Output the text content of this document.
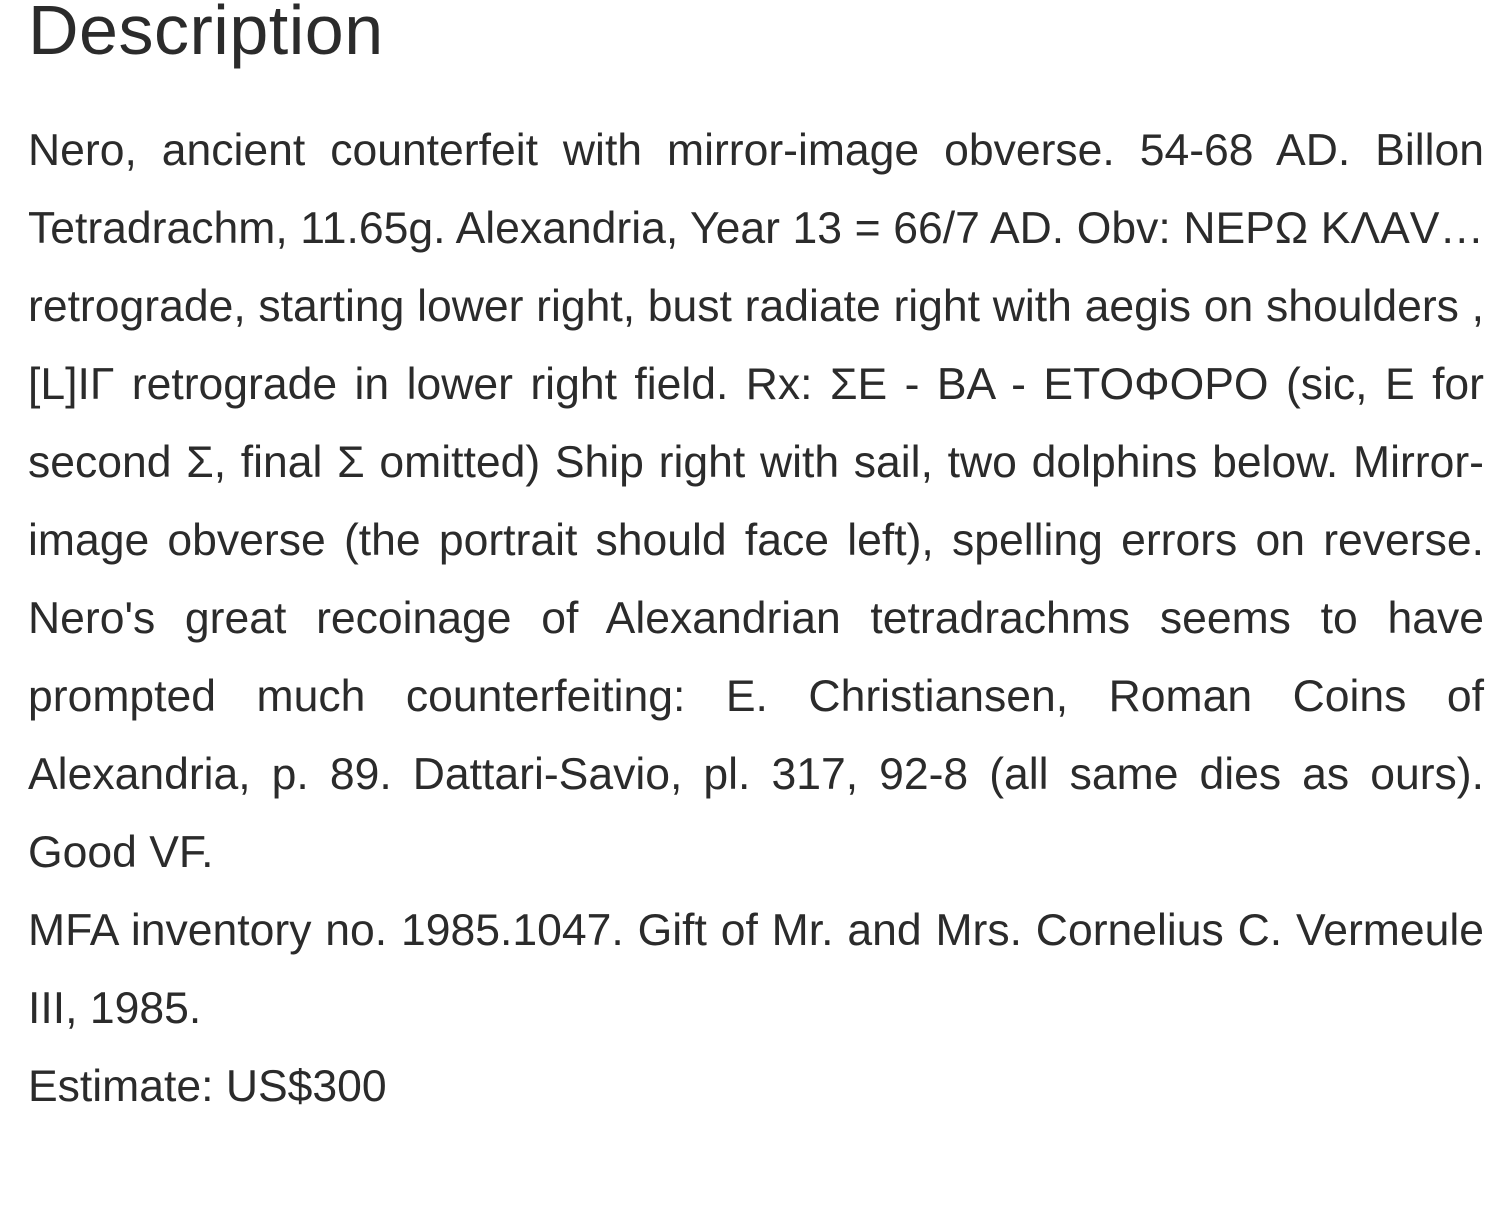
Description

Nero, ancient counterfeit with mirror-image obverse. 54-68 AD. Billon Tetradrachm, 11.65g. Alexandria, Year 13 = 66/7 AD. Obv: ΝΕΡΩ ΚΛΑV…retrograde, starting lower right, bust radiate right with aegis on shoulders , [L]ΙΓ retrograde in lower right field. Rx: ΣΕ - ΒΑ - ΕΤΟΦΟΡΟ (sic, Ε for second Σ, final Σ omitted) Ship right with sail, two dolphins below. Mirror-image obverse (the portrait should face left), spelling errors on reverse. Nero's great recoinage of Alexandrian tetradrachms seems to have prompted much counterfeiting: E. Christiansen, Roman Coins of Alexandria, p. 89. Dattari-Savio, pl. 317, 92-8 (all same dies as ours). Good VF.

MFA inventory no. 1985.1047. Gift of Mr. and Mrs. Cornelius C. Vermeule III, 1985.

Estimate: US$300
